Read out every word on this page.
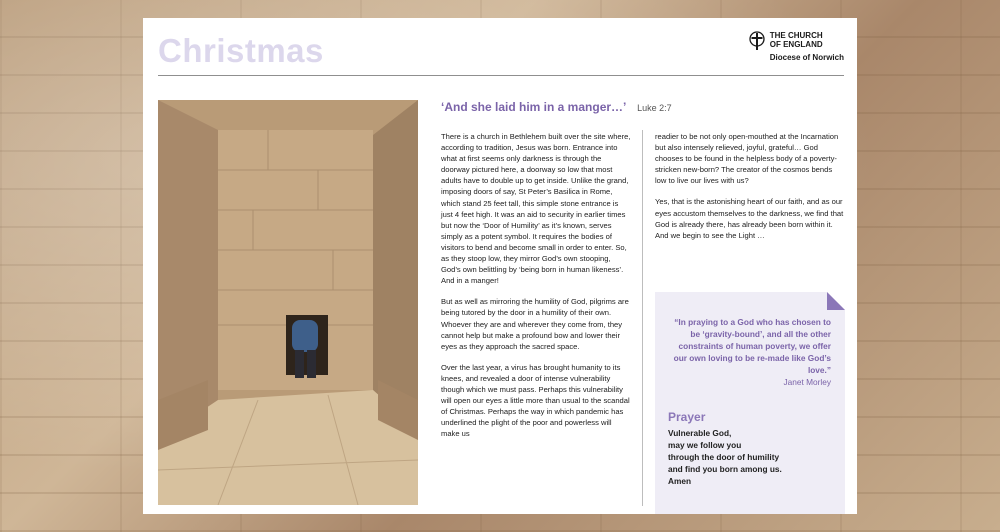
Christmas	THE CHURCH
OF ENGLAND
Diocese of Norwich
‘And she laid him in a manger…’ Luke 2:7

There is a church in Bethlehem built over the site where, according to tradition, Jesus was born. Entrance into what at first seems only darkness is through the doorway pictured here, a doorway so low that most adults have to double up to get inside. Unlike the grand, imposing doors of say, St Peter’s Basilica in Rome, which stand 25 feet tall, this simple stone entrance is just 4 feet high. It was an aid to security in earlier times but now the ‘Door of Humility’ as it’s known, serves simply as a potent symbol. It requires the bodies of visitors to bend and become small in order to enter. So, as they stoop low, they mirror God’s own stooping, God’s own belittling by ‘being born in human likeness’. And in a manger!

But as well as mirroring the humility of God, pilgrims are being tutored by the door in a humility of their own. Whoever they are and wherever they come from, they cannot help but make a profound bow and lower their eyes as they approach the sacred space.

Over the last year, a virus has brought humanity to its knees, and revealed a door of intense vulnerability though which we must pass. Perhaps this vulnerability will open our eyes a little more than usual to the scandal of Christmas. Perhaps the way in which pandemic has underlined the plight of the poor and powerless will make us

readier to be not only open-mouthed at the Incarnation but also intensely relieved, joyful, grateful… God chooses to be found in the helpless body of a poverty-stricken new-born? The creator of the cosmos bends low to live our lives with us?

Yes, that is the astonishing heart of our faith, and as our eyes accustom themselves to the darkness, we find that God is already there, has already been born within it. And we begin to see the Light …

“In praying to a God who has chosen to be ‘gravity-bound’, and all the other constraints of human poverty, we offer our own loving to be re-made like God’s love.”
Janet Morley
Prayer
Vulnerable God,
may we follow you
through the door of humility
and find you born among us.
Amen
